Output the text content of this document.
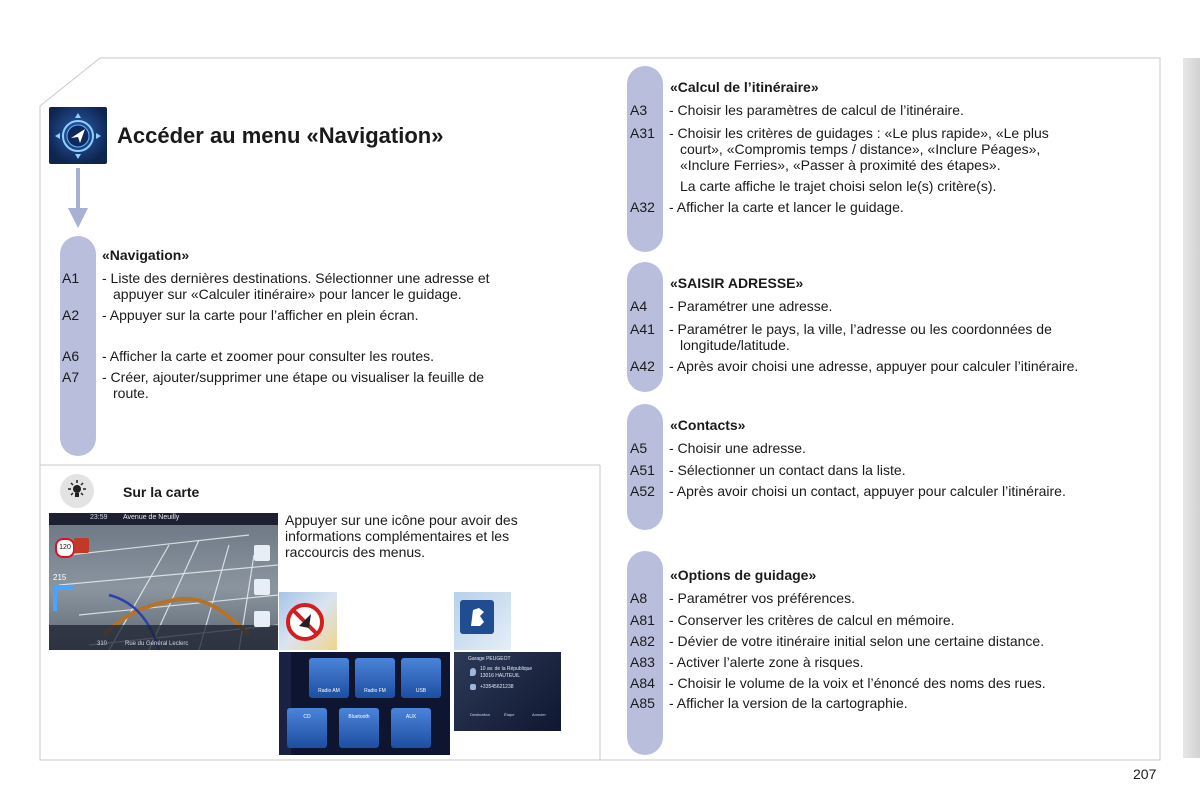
Accéder au menu «Navigation»
«Navigation»
A1 - Liste des dernières destinations. Sélectionner une adresse et
appuyer sur «Calculer itinéraire» pour lancer le guidage.
A2 - Appuyer sur la carte pour l’afficher en plein écran.
A6 - Afficher la carte et zoomer pour consulter les routes.
A7 - Créer, ajouter/supprimer une étape ou visualiser la feuille de
route.
Sur la carte
Appuyer sur une icône pour avoir des
informations complémentaires et les
raccourcis des menus.
23:59 Avenue de Neuilly
120
215
310	Rue du Général Leclerc
Radio AM	Radio FM	USB
CD	Bluetooth	AUX
Garage PEUGEOT
10 av. de la République
13016 HAUTEUIL
+33545621238
Destination	Étape	Annuler
«Calcul de l’itinéraire»
A3 - Choisir les paramètres de calcul de l’itinéraire.
A31 - Choisir les critères de guidages : «Le plus rapide», «Le plus
court», «Compromis temps / distance», «Inclure Péages»,
«Inclure Ferries», «Passer à proximité des étapes».
La carte affiche le trajet choisi selon le(s) critère(s).
A32 - Afficher la carte et lancer le guidage.
«SAISIR ADRESSE»
A4 - Paramétrer une adresse.
A41 - Paramétrer le pays, la ville, l’adresse ou les coordonnées de
longitude/latitude.
A42 - Après avoir choisi une adresse, appuyer pour calculer l’itinéraire.
«Contacts»
A5 - Choisir une adresse.
A51 - Sélectionner un contact dans la liste.
A52 - Après avoir choisi un contact, appuyer pour calculer l’itinéraire.
«Options de guidage»
A8 - Paramétrer vos préférences.
A81 - Conserver les critères de calcul en mémoire.
A82 - Dévier de votre itinéraire initial selon une certaine distance.
A83 - Activer l’alerte zone à risques.
A84 - Choisir le volume de la voix et l’énoncé des noms des rues.
A85 - Afficher la version de la cartographie.
207
